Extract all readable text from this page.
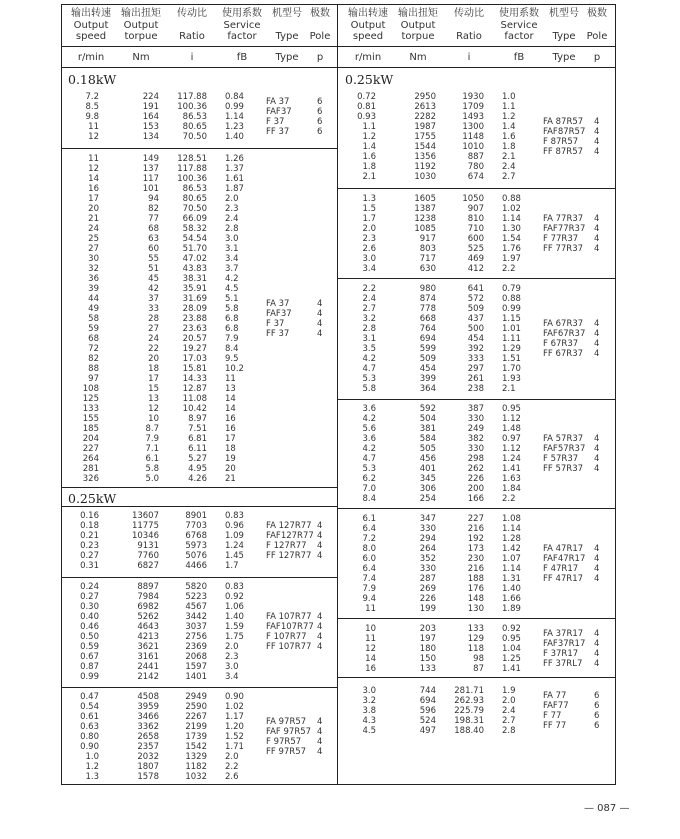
输出转速
Output
speed
r/min
输出扭矩
Output
torpue
Nm
传动比

Ratio
i
使用系数
Service
factor
fB
机型号

Type
Type
极数

Pole
p
输出转速
Output
speed
r/min
输出扭矩
Output
torpue
Nm
传动比

Ratio
i
使用系数
Service
factor
fB
机型号

Type
Type
极数

Pole
p
0.18kW
0.25kW
7.2
8.5
9.8
11
12
224
191
164
153
134
117.88
100.36
86.53
80.65
70.50
0.84
0.99
1.14
1.23
1.40
FA 37
FAF37
F 37
FF 37
6 6 6 6
11
12
14
16
17
20
21
24
25
27
30
32
36
39
44
49
58
59
68
72
82
88
97
108
125
133
155
185
204
227
264
281
326
149
137
117
101
94
82
77
68
63
60
55
51
45
42
37
33
28
27
24
22
20
18
17
15
13
12
10
8.7
7.9
7.1
6.1
5.8
5.0
128.51
117.88
100.36
86.53
80.65
70.50
66.09
58.32
54.54
51.70
47.02
43.83
38.31
35.91
31.69
28.09
23.88
23.63
20.57
19.27
17.03
15.81
14.33
12.87
11.08
10.42
8.97
7.51
6.81
6.11
5.27
4.95
4.26
1.26
1.37
1.61
1.87
2.0
2.3
2.4
2.8
3.0
3.1
3.4
3.7
4.2
4.5
5.1
5.8
6.8
6.8
7.9
8.4
9.5
10.2
11
13
14
14
16
16
17
18
19
20
21
FA 37
FAF37
F 37
FF 37
4 4 4 4
0.16
0.18
0.21
0.23
0.27
0.31
13607
11775
10346
9131
7760
6827
8901
7703
6768
5973
5076
4466
0.83
0.96
1.09
1.24
1.45
1.7
FA 127R77
FAF127R77
F 127R77
FF 127R77
4 4 4 4
0.24
0.27
0.30
0.40
0.46
0.50
0.59
0.67
0.87
0.99
8897
7984
6982
5262
4643
4213
3621
3161
2441
2142
5820
5223
4567
3442
3037
2756
2369
2068
1597
1401
0.83
0.92
1.06
1.40
1.59
1.75
2.0
2.3
3.0
3.4
FA 107R77
FAF107R77
F 107R77
FF 107R77
4 4 4 4
0.47
0.54
0.61
0.63
0.80
0.90
1.0
1.2
1.3
4508
3959
3466
3362
2658
2357
2032
1807
1578
2949
2590
2267
2199
1739
1542
1329
1182
1032
0.90
1.02
1.17
1.20
1.52
1.71
2.0
2.2
2.6
FA 97R57
FAF 97R57
F 97R57
FF 97R57
4 4 4 4
0.25kW
0.72
0.81
0.93
1.1
1.2
1.4
1.6
1.8
2.1
2950
2613
2282
1987
1755
1544
1356
1192
1030
1930
1709
1493
1300
1148
1010
887
780
674
1.0
1.1
1.2
1.4
1.6
1.8
2.1
2.4
2.7
FA 87R57
FAF87R57
F 87R57
FF 87R57
4 4 4 4
1.3
1.5
1.7
2.0
2.3
2.6
3.0
3.4
1605
1387
1238
1085
917
803
717
630
1050
907
810
710
600
525
469
412
0.88
1.02
1.14
1.30
1.54
1.76
1.97
2.2
FA 77R37
FAF77R37
F 77R37
FF 77R37
4 4 4 4
2.2
2.4
2.7
3.2
2.8
3.1
3.5
4.2
4.7
5.3
5.8
980
874
778
668
764
694
599
509
454
399
364
641
572
509
437
500
454
392
333
297
261
238
0.79
0.88
0.99
1.15
1.01
1.11
1.29
1.51
1.70
1.93
2.1
FA 67R37
FAF67R37
F 67R37
FF 67R37
4 4 4 4
3.6
4.2
5.6
3.6
4.2
4.7
5.3
6.2
7.0
8.4
592
504
381
584
505
456
401
345
306
254
387
330
249
382
330
298
262
226
200
166
0.95
1.12
1.48
0.97
1.12
1.24
1.41
1.63
1.84
2.2
FA 57R37
FAF57R37
F 57R37
FF 57R37
4 4 4 4
6.1
6.4
7.2
8.0
6.0
6.4
7.4
7.9
9.4
11
347
330
294
264
352
330
287
269
226
199
227
216
192
173
230
216
188
176
148
130
1.08
1.14
1.28
1.42
1.07
1.14
1.31
1.40
1.66
1.89
FA 47R17
FAF47R17
F 47R17
FF 47R17
4 4 4 4
10
11
12
14
16
203
197
180
150
133
133
129
118
98
87
0.92
0.95
1.04
1.25
1.41
FA 37R17
FAF37R17
F 37R17
FF 37RL7
4 4 4 4
3.0
3.2
3.8
4.3
4.5
744
694
596
524
497
281.71
262.93
225.79
198.31
188.40
1.9
2.0
2.4
2.7
2.8
FA 77
FAF77
F 77
FF 77
6 6 6 6
— 087 —
